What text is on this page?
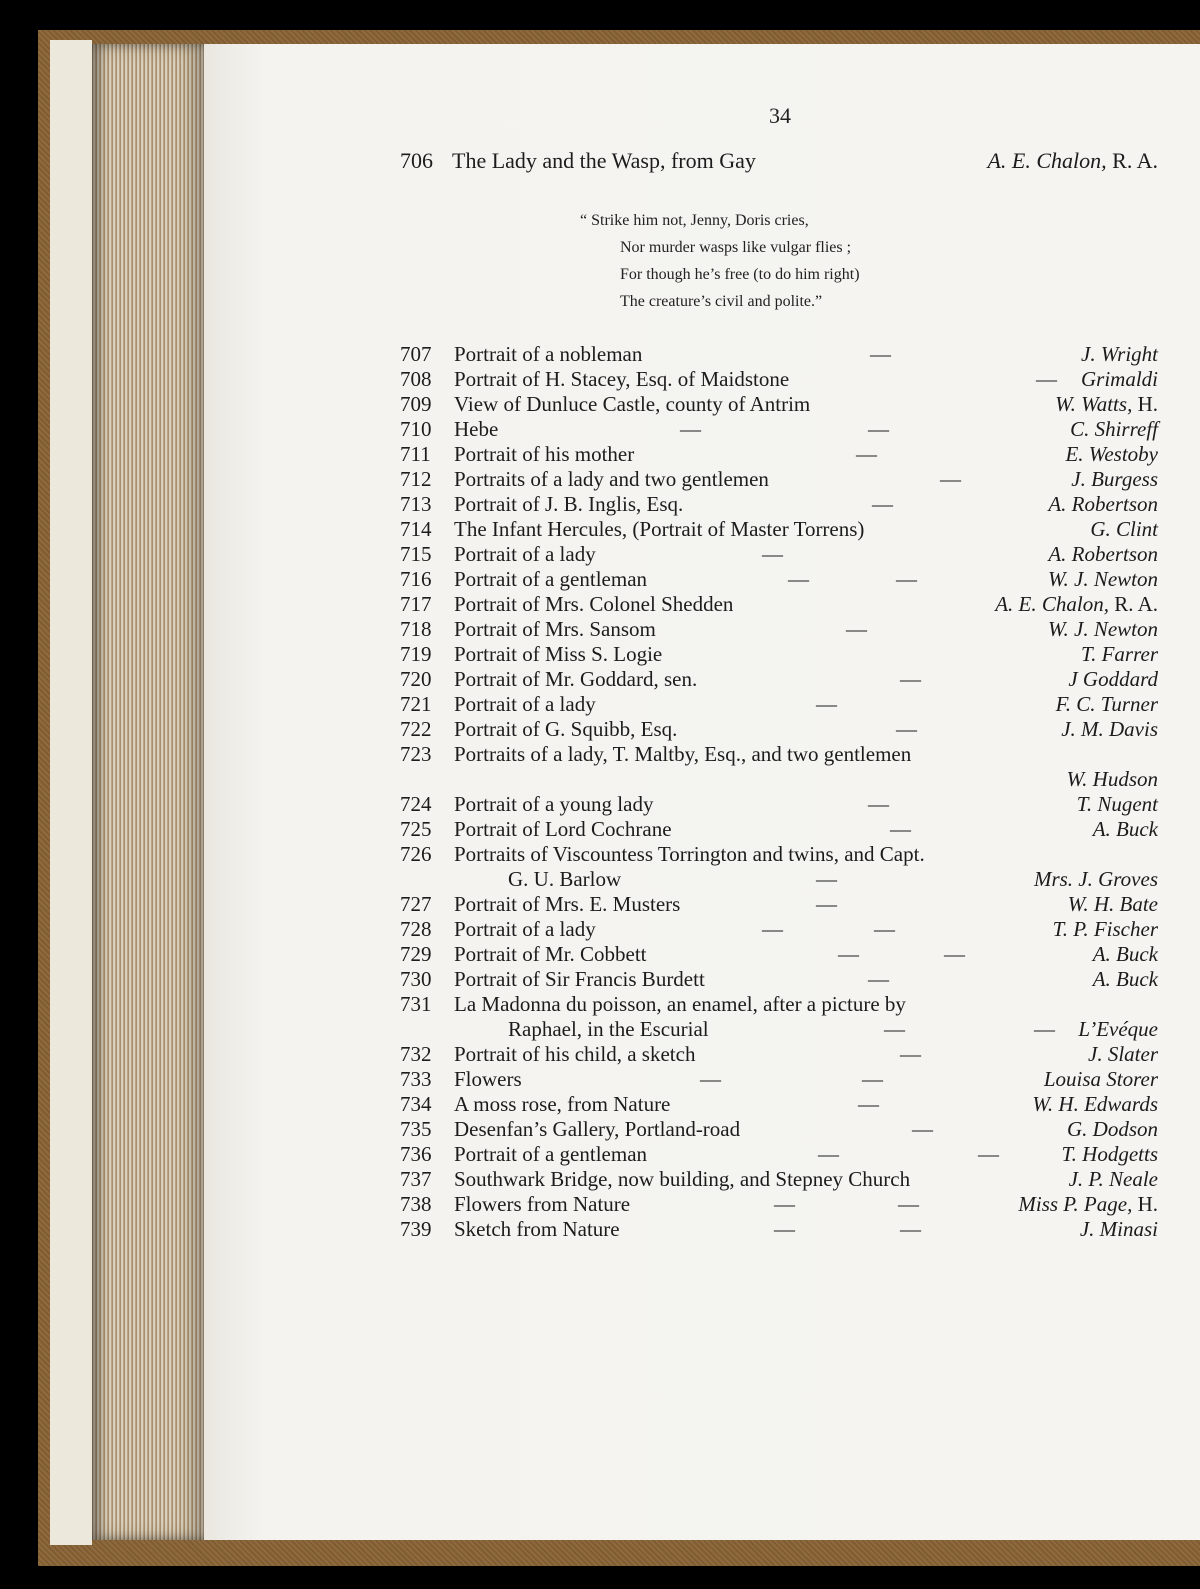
34
“ Strike him not, Jenny, Doris cries,
Nor murder wasps like vulgar flies ;
For though he’s free (to do him right)
The creature’s civil and polite.”
706 The Lady and the Wasp, from Gay	A. E. Chalon, R. A.
707 Portrait of a nobleman	—	J. Wright
708 Portrait of H. Stacey, Esq. of Maidstone	— Grimaldi
709 View of Dunluce Castle, county of Antrim	W. Watts, H.
710 Hebe	—	—	C. Shirreff
711 Portrait of his mother	—	E. Westoby
712 Portraits of a lady and two gentlemen	—	J. Burgess
713 Portrait of J. B. Inglis, Esq.	—	A. Robertson
714 The Infant Hercules, (Portrait of Master Torrens)	G. Clint
715 Portrait of a lady	—	A. Robertson
716 Portrait of a gentleman	—	—	W. J. Newton
717 Portrait of Mrs. Colonel Shedden	A. E. Chalon, R. A.
718 Portrait of Mrs. Sansom	—	W. J. Newton
719 Portrait of Miss S. Logie	T. Farrer
720 Portrait of Mr. Goddard, sen.	—	J Goddard
721 Portrait of a lady	—	F. C. Turner
722 Portrait of G. Squibb, Esq.	—	J. M. Davis
723 Portraits of a lady, T. Maltby, Esq., and two gentlemen
W. Hudson
724 Portrait of a young lady	—	T. Nugent
725 Portrait of Lord Cochrane	—	A. Buck
726 Portraits of Viscountess Torrington and twins, and Capt.
G. U. Barlow	—	Mrs. J. Groves
727 Portrait of Mrs. E. Musters	—	W. H. Bate
728 Portrait of a lady	—	—	T. P. Fischer
729 Portrait of Mr. Cobbett	—	—	A. Buck
730 Portrait of Sir Francis Burdett	—	A. Buck
731 La Madonna du poisson, an enamel, after a picture by
Raphael, in the Escurial	—	— L’Evéque
732 Portrait of his child, a sketch	—	J. Slater
733 Flowers	—	—	Louisa Storer
734 A moss rose, from Nature	—	W. H. Edwards
735 Desenfan’s Gallery, Portland-road	—	G. Dodson
736 Portrait of a gentleman	—	—	T. Hodgetts
737 Southwark Bridge, now building, and Stepney Church	J. P. Neale
738 Flowers from Nature	—	—	Miss P. Page, H.
739 Sketch from Nature	—	—	J. Minasi
